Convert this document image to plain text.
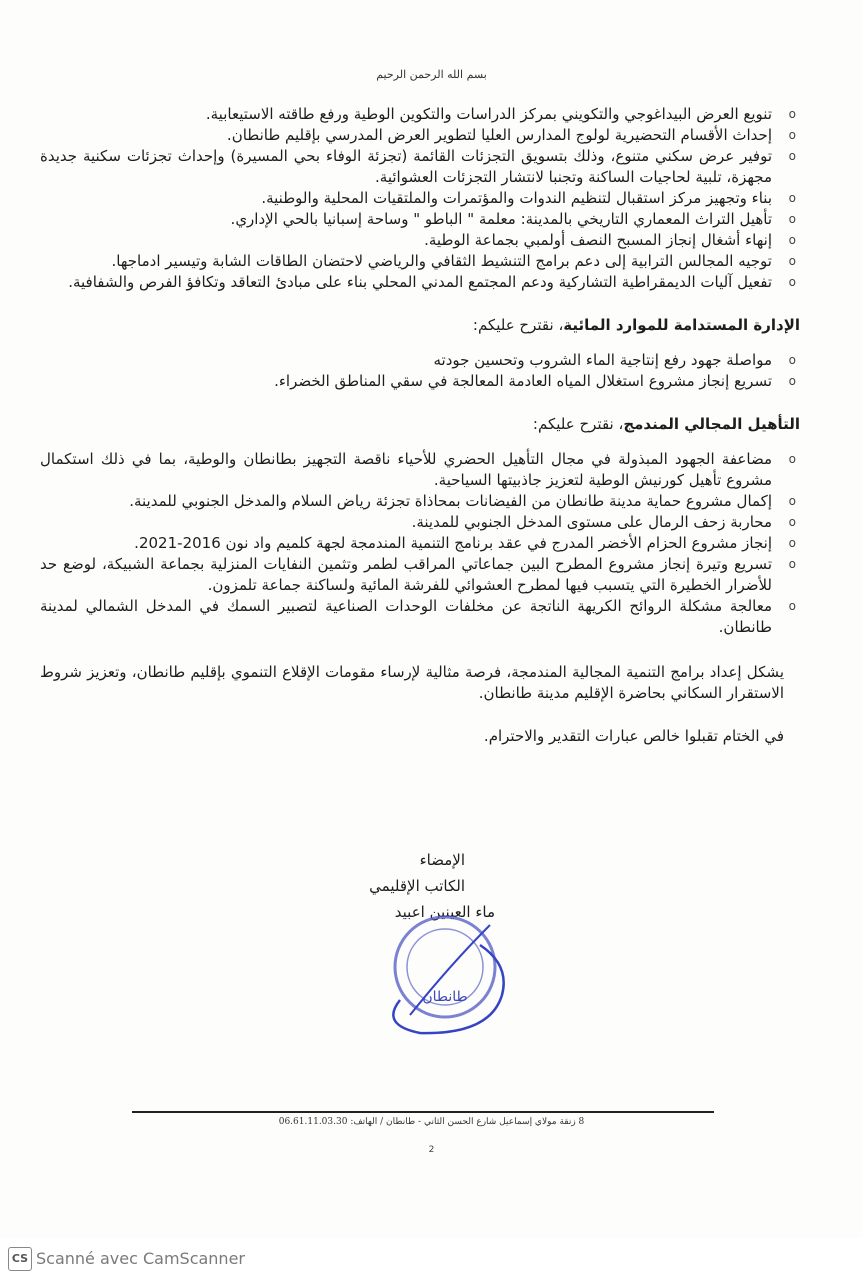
بسم الله الرحمن الرحيم
o تنويع العرض البيداغوجي والتكويني بمركز الدراسات والتكوين الوطية ورفع طاقته الاستيعابية.
o إحداث الأقسام التحضيرية لولوج المدارس العليا لتطوير العرض المدرسي بإقليم طانطان.
o توفير عرض سكني متنوع، وذلك بتسويق التجزئات القائمة (تجزئة الوفاء بحي المسيرة) وإحداث تجزئات سكنية جديدة مجهزة، تلبية لحاجيات الساكنة وتجنبا لانتشار التجزئات العشوائية.
o بناء وتجهيز مركز استقبال لتنظيم الندوات والمؤتمرات والملتقيات المحلية والوطنية.
o تأهيل التراث المعماري التاريخي بالمدينة: معلمة " الباطو " وساحة إسبانيا بالحي الإداري.
o إنهاء أشغال إنجاز المسبح النصف أولمبي بجماعة الوطية.
o توجيه المجالس الترابية إلى دعم برامج التنشيط الثقافي والرياضي لاحتضان الطاقات الشابة وتيسير ادماجها.
o تفعيل آليات الديمقراطية التشاركية ودعم المجتمع المدني المحلي بناء على مبادئ التعاقد وتكافؤ الفرص والشفافية.

الإدارة المستدامة للموارد المائية، نقترح عليكم:

o مواصلة جهود رفع إنتاجية الماء الشروب وتحسين جودته
o تسريع إنجاز مشروع استغلال المياه العادمة المعالجة في سقي المناطق الخضراء.

التأهيل المجالي المندمج، نقترح عليكم:

o مضاعفة الجهود المبذولة في مجال التأهيل الحضري للأحياء ناقصة التجهيز بطانطان والوطية، بما في ذلك استكمال مشروع تأهيل كورنيش الوطية لتعزيز جاذبيتها السياحية.
o إكمال مشروع حماية مدينة طانطان من الفيضانات بمحاذاة تجزئة رياض السلام والمدخل الجنوبي للمدينة.
o محاربة زحف الرمال على مستوى المدخل الجنوبي للمدينة.
o إنجاز مشروع الحزام الأخضر المدرج في عقد برنامج التنمية المندمجة لجهة كلميم واد نون 2016-2021.
o تسريع وتيرة إنجاز مشروع المطرح البين جماعاتي المراقب لطمر وتثمين النفايات المنزلية بجماعة الشبيكة، لوضع حد للأضرار الخطيرة التي يتسبب فيها لمطرح العشوائي للفرشة المائية ولساكنة جماعة تلمزون.
o معالجة مشكلة الروائح الكريهة الناتجة عن مخلفات الوحدات الصناعية لتصبير السمك في المدخل الشمالي لمدينة طانطان.

يشكل إعداد برامج التنمية المجالية المندمجة، فرصة مثالية لإرساء مقومات الإقلاع التنموي بإقليم طانطان، وتعزيز شروط الاستقرار السكاني بحاضرة الإقليم مدينة طانطان.

في الختام تقبلوا خالص عبارات التقدير والاحترام.

الإمضاء
الكاتب الإقليمي
ماء العينين اعبيد
طانطان
8 زنقة مولاي إسماعيل شارع الحسن الثاني - طانطان / الهاتف: 06.61.11.03.30
2
CS Scanné avec CamScanner
